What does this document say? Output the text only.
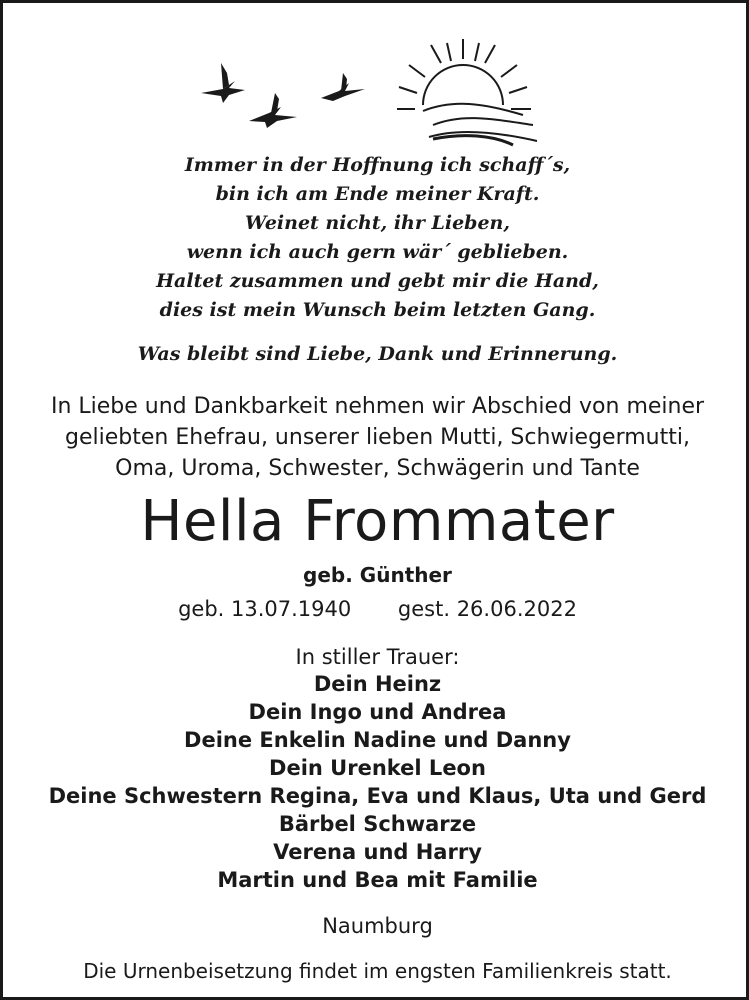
Immer in der Hoffnung ich schaff´s,
bin ich am Ende meiner Kraft.
Weinet nicht, ihr Lieben,
wenn ich auch gern wär´ geblieben.
Haltet zusammen und gebt mir die Hand,
dies ist mein Wunsch beim letzten Gang.
Was bleibt sind Liebe, Dank und Erinnerung.
In Liebe und Dankbarkeit nehmen wir Abschied von meiner
geliebten Ehefrau, unserer lieben Mutti, Schwiegermutti,
Oma, Uroma, Schwester, Schwägerin und Tante
Hella Frommater
geb. Günther
geb. 13.07.1940 gest. 26.06.2022
In stiller Trauer:
Dein Heinz
Dein Ingo und Andrea
Deine Enkelin Nadine und Danny
Dein Urenkel Leon
Deine Schwestern Regina, Eva und Klaus, Uta und Gerd
Bärbel Schwarze
Verena und Harry
Martin und Bea mit Familie
Naumburg
Die Urnenbeisetzung findet im engsten Familienkreis statt.
